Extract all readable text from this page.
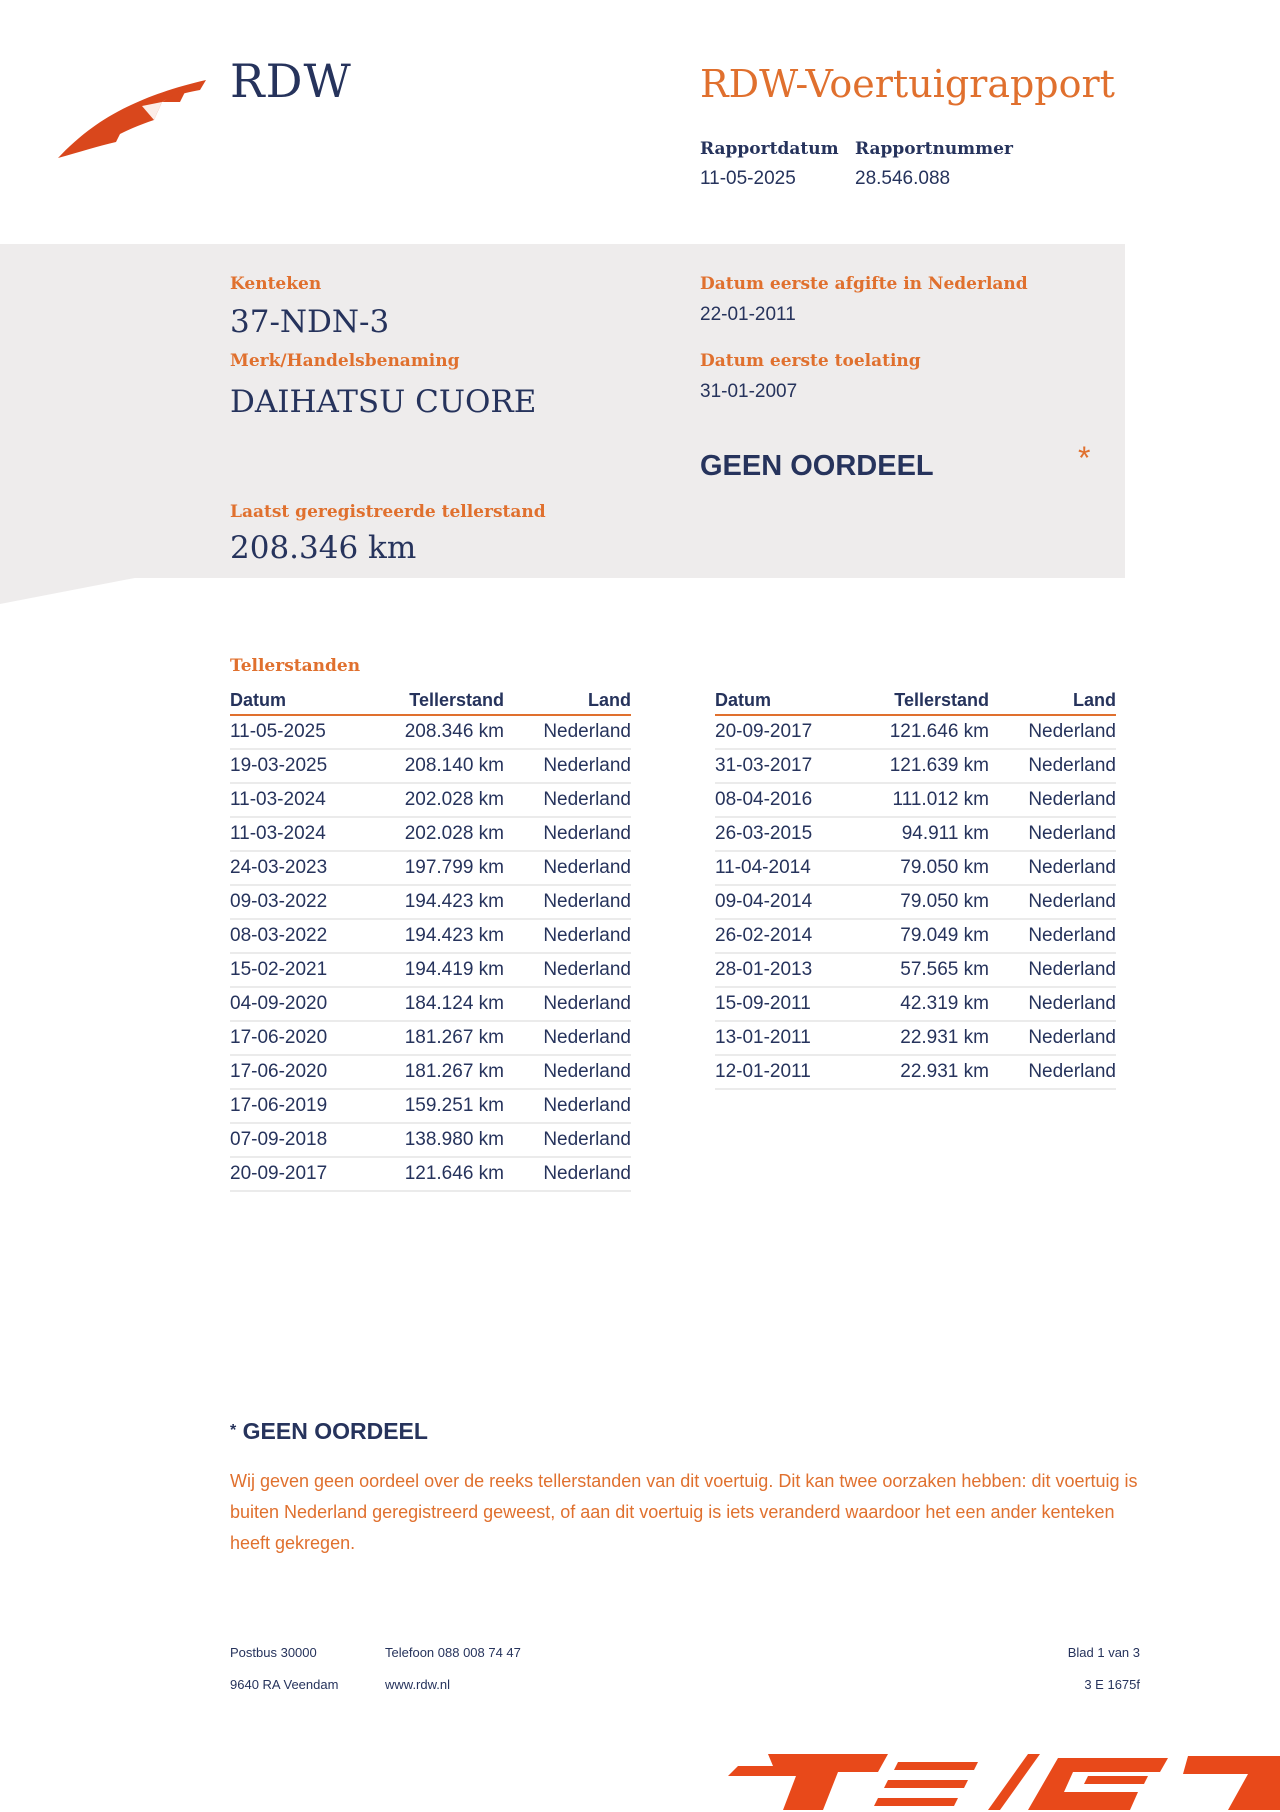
RDW	RDW-Voertuigrapport
Rapportdatum
11-05-2025
Rapportnummer
28.546.088
Kenteken
37-NDN-3
Merk/Handelsbenaming
DAIHATSU CUORE
Datum eerste afgifte in Nederland
22-01-2011
Datum eerste toelating
31-01-2007
GEEN OORDEEL	*
Laatst geregistreerde tellerstand
208.346 km
Tellerstanden
Datum	Tellerstand	Land
11-05-2025	208.346 km	Nederland
19-03-2025	208.140 km	Nederland
11-03-2024	202.028 km	Nederland
11-03-2024	202.028 km	Nederland
24-03-2023	197.799 km	Nederland
09-03-2022	194.423 km	Nederland
08-03-2022	194.423 km	Nederland
15-02-2021	194.419 km	Nederland
04-09-2020	184.124 km	Nederland
17-06-2020	181.267 km	Nederland
17-06-2020	181.267 km	Nederland
17-06-2019	159.251 km	Nederland
07-09-2018	138.980 km	Nederland
20-09-2017	121.646 km	Nederland
Datum	Tellerstand	Land
20-09-2017	121.646 km	Nederland
31-03-2017	121.639 km	Nederland
08-04-2016	111.012 km	Nederland
26-03-2015	94.911 km	Nederland
11-04-2014	79.050 km	Nederland
09-04-2014	79.050 km	Nederland
26-02-2014	79.049 km	Nederland
28-01-2013	57.565 km	Nederland
15-09-2011	42.319 km	Nederland
13-01-2011	22.931 km	Nederland
12-01-2011	22.931 km	Nederland
* GEEN OORDEEL
Wij geven geen oordeel over de reeks tellerstanden van dit voertuig. Dit kan twee oorzaken hebben: dit voertuig is buiten Nederland geregistreerd geweest, of aan dit voertuig is iets veranderd waardoor het een ander kenteken heeft gekregen.
Postbus 30000
9640 RA Veendam
Telefoon 088 008 74 47
www.rdw.nl
Blad 1 van 3
3 E 1675f
